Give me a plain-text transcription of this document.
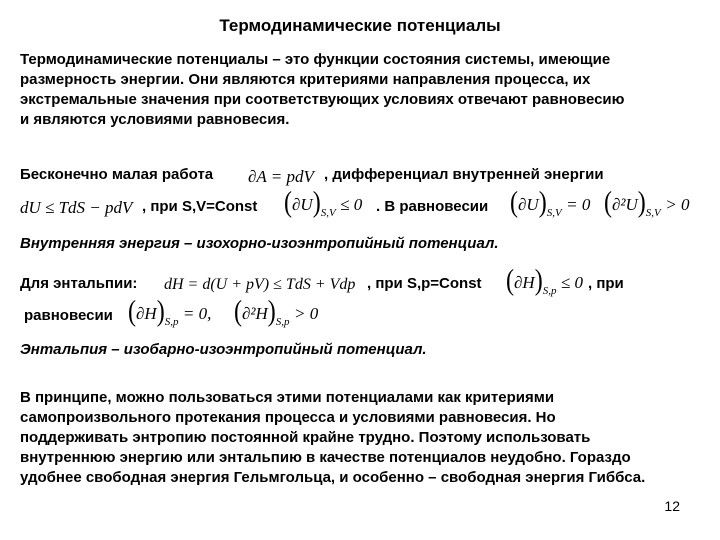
Термодинамические потенциалы
Термодинамические потенциалы – это функции состояния системы, имеющие
размерность энергии. Они являются критериями направления процесса, их
экстремальные значения при соответствующих условиях отвечают равновесию
и являются условиями равновесия.
Бесконечно малая работа ∂A = pdV , дифференциал внутренней энергии
dU ≤ TdS − pdV , при S,V=Const $(\partial U)_{S,V} \le 0$ . В равновесии $(\partial U)_{S,V} = 0$ $(\partial^2U)_{S,V} > 0$
Внутренняя энергия – изохорно-изоэнтропийный потенциал.
Для энтальпии: dH = d(U + pV) ≤ TdS + Vdp , при S,p=Const $(\partial H)_{S,p} \le 0$ , при
равновесии $(\partial H)_{S,p} = 0$, $(\partial^2H)_{S,p} > 0$
Энтальпия – изобарно-изоэнтропийный потенциал.
В принципе, можно пользоваться этими потенциалами как критериями
самопроизвольного протекания процесса и условиями равновесия. Но
поддерживать энтропию постоянной крайне трудно. Поэтому использовать
внутреннюю энергию или энтальпию в качестве потенциалов неудобно. Гораздо
удобнее свободная энергия Гельмгольца, и особенно – свободная энергия Гиббса.
12
